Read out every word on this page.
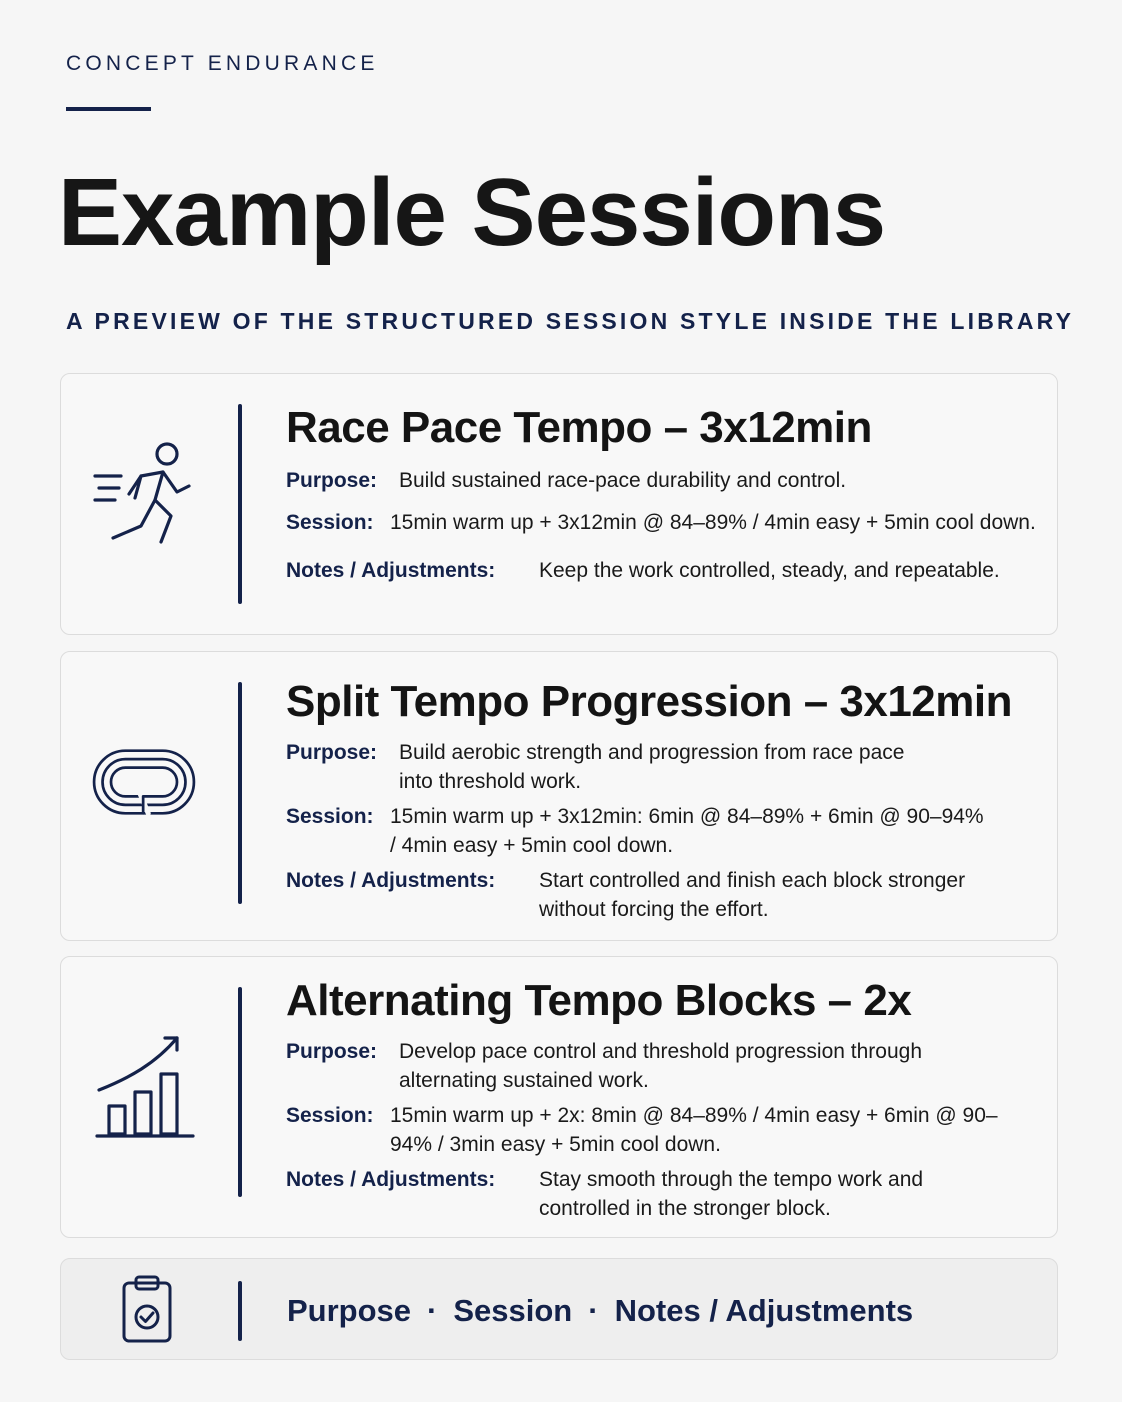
CONCEPT ENDURANCE
Example Sessions
A PREVIEW OF THE STRUCTURED SESSION STYLE INSIDE THE LIBRARY
Race Pace Tempo – 3x12min
Purpose:	Build sustained race-pace durability and control.
Session: 15min warm up + 3x12min @ 84–89% / 4min easy + 5min cool down.
Notes / Adjustments:	Keep the work controlled, steady, and repeatable.
Split Tempo Progression – 3x12min
Purpose:	Build aerobic strength and progression from race pace into threshold work.
Session: 15min warm up + 3x12min: 6min @ 84–89% + 6min @ 90–94% / 4min easy + 5min cool down.
Notes / Adjustments:	Start controlled and finish each block stronger without forcing the effort.
Alternating Tempo Blocks – 2x
Purpose:	Develop pace control and threshold progression through alternating sustained work.
Session: 15min warm up + 2x: 8min @ 84–89% / 4min easy + 6min @ 90–94% / 3min easy + 5min cool down.
Notes / Adjustments:	Stay smooth through the tempo work and controlled in the stronger block.
Purpose · Session · Notes / Adjustments
